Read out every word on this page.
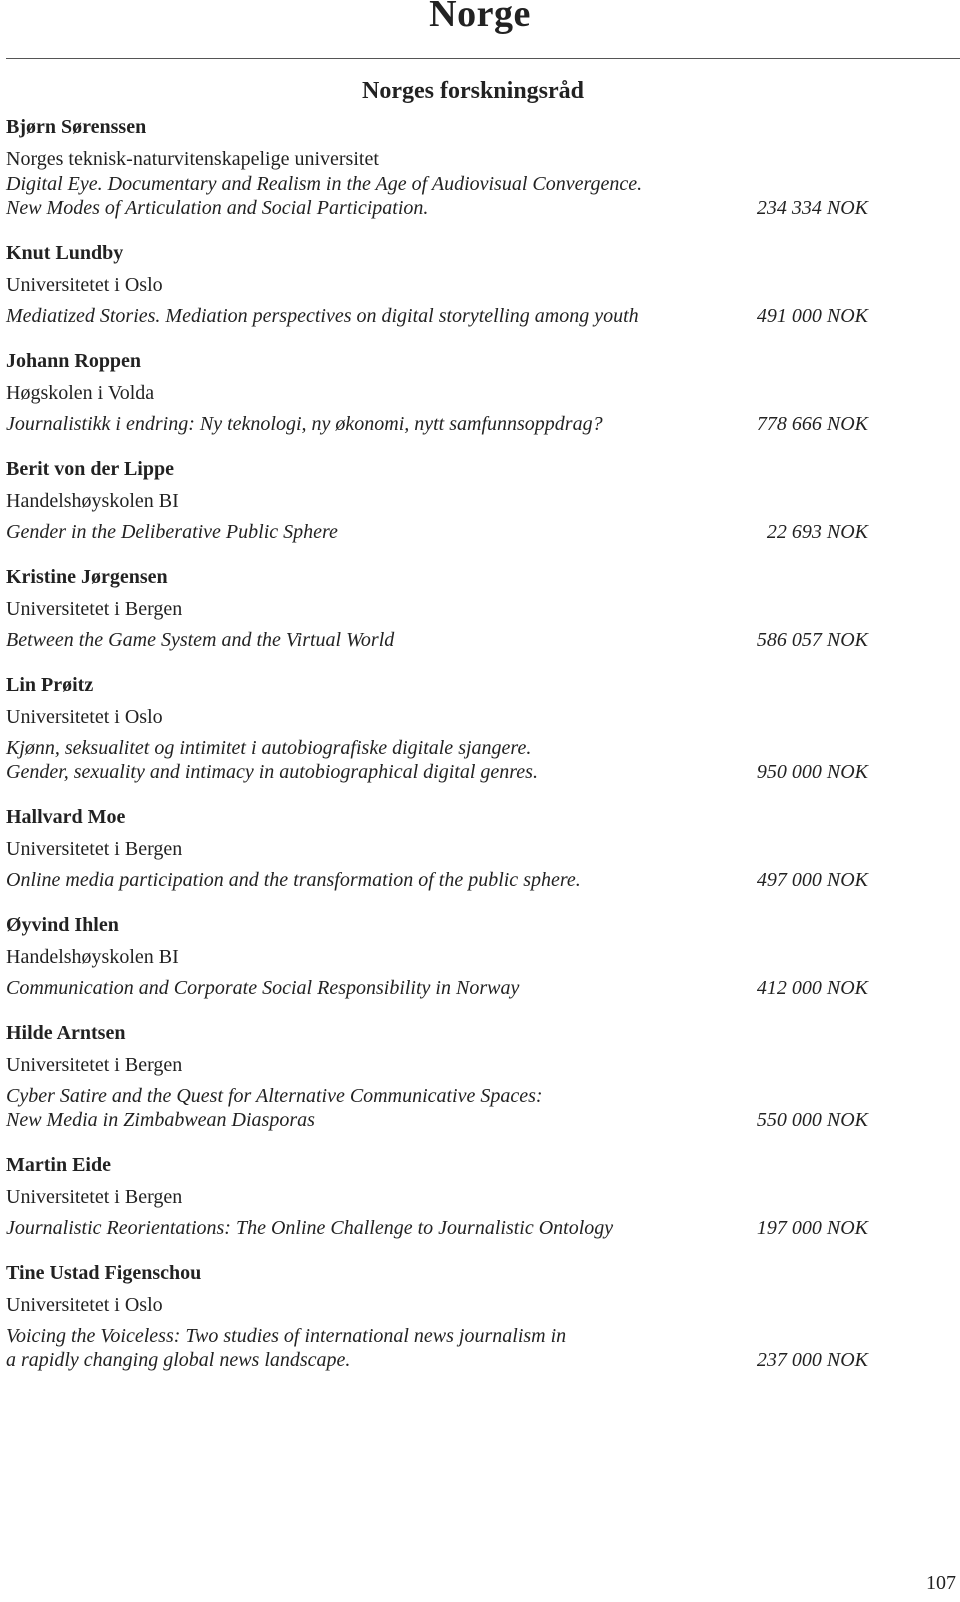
Norge
Norges forskningsråd
Bjørn Sørenssen
Norges teknisk-naturvitenskapelige universitet
Digital Eye. Documentary and Realism in the Age of Audiovisual Convergence.
New Modes of Articulation and Social Participation.	234 334 NOK
Knut Lundby
Universitetet i Oslo
Mediatized Stories. Mediation perspectives on digital storytelling among youth	491 000 NOK
Johann Roppen
Høgskolen i Volda
Journalistikk i endring: Ny teknologi, ny økonomi, nytt samfunnsoppdrag?	778 666 NOK
Berit von der Lippe
Handelshøyskolen BI
Gender in the Deliberative Public Sphere	22 693 NOK
Kristine Jørgensen
Universitetet i Bergen
Between the Game System and the Virtual World	586 057 NOK
Lin Prøitz
Universitetet i Oslo
Kjønn, seksualitet og intimitet i autobiografiske digitale sjangere.
Gender, sexuality and intimacy in autobiographical digital genres.	950 000 NOK
Hallvard Moe
Universitetet i Bergen
Online media participation and the transformation of the public sphere.	497 000 NOK
Øyvind Ihlen
Handelshøyskolen BI
Communication and Corporate Social Responsibility in Norway	412 000 NOK
Hilde Arntsen
Universitetet i Bergen
Cyber Satire and the Quest for Alternative Communicative Spaces:
New Media in Zimbabwean Diasporas	550 000 NOK
Martin Eide
Universitetet i Bergen
Journalistic Reorientations: The Online Challenge to Journalistic Ontology	197 000 NOK
Tine Ustad Figenschou
Universitetet i Oslo
Voicing the Voiceless: Two studies of international news journalism in
a rapidly changing global news landscape.	237 000 NOK
107
